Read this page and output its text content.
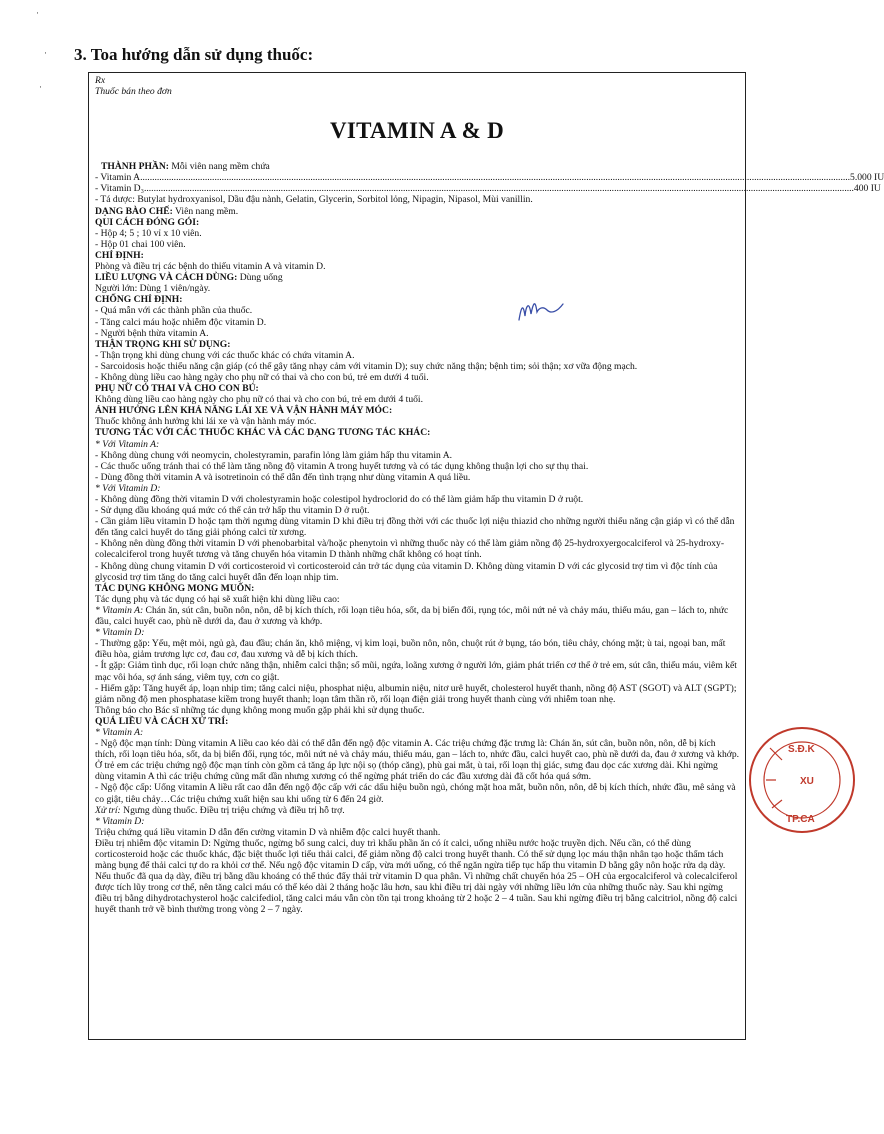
·
·
·
3. Toa hướng dẫn sử dụng thuốc:
Rx
Thuốc bán theo đơn
VITAMIN A & D
THÀNH PHẦN: Mỗi viên nang mềm chứa
- Vitamin A .....	5.000 IU
- Vitamin D₃ .....	400 IU
- Tá dược: Butylat hydroxyanisol, Dầu đậu nành, Gelatin, Glycerin, Sorbitol lỏng, Nipagin, Nipasol, Mùi vanillin.
DẠNG BÀO CHẾ: Viên nang mềm.
QUI CÁCH ĐÓNG GÓI:
- Hộp 4; 5 ; 10 vỉ x 10 viên.
- Hộp 01 chai 100 viên.
CHỈ ĐỊNH:
Phòng và điều trị các bệnh do thiếu vitamin A và vitamin D.
LIỀU LƯỢNG VÀ CÁCH DÙNG: Dùng uống
Người lớn: Dùng 1 viên/ngày.
CHỐNG CHỈ ĐỊNH:
- Quá mẫn với các thành phần của thuốc.
- Tăng calci máu hoặc nhiễm độc vitamin D.
- Người bệnh thừa vitamin A.
THẬN TRỌNG KHI SỬ DỤNG:
- Thận trọng khi dùng chung với các thuốc khác có chứa vitamin A.
- Sarcoidosis hoặc thiểu năng cận giáp (có thể gây tăng nhạy cảm với vitamin D); suy chức năng thận; bệnh tim; sỏi thận; xơ vữa động mạch.
- Không dùng liều cao hàng ngày cho phụ nữ có thai và cho con bú, trẻ em dưới 4 tuổi.
PHỤ NỮ CÓ THAI VÀ CHO CON BÚ:
Không dùng liều cao hàng ngày cho phụ nữ có thai và cho con bú, trẻ em dưới 4 tuổi.
ẢNH HƯỞNG LÊN KHẢ NĂNG LÁI XE VÀ VẬN HÀNH MÁY MÓC:
Thuốc không ảnh hưởng khi lái xe và vận hành máy móc.
TƯƠNG TÁC VỚI CÁC THUỐC KHÁC VÀ CÁC DẠNG TƯƠNG TÁC KHÁC:
* Với Vitamin A:
- Không dùng chung với neomycin, cholestyramin, parafin lỏng làm giảm hấp thu vitamin A.
- Các thuốc uống tránh thai có thể làm tăng nồng độ vitamin A trong huyết tương và có tác dụng không thuận lợi cho sự thụ thai.
- Dùng đồng thời vitamin A và isotretinoin có thể dẫn đến tình trạng như dùng vitamin A quá liều.
* Với Vitamin D:
- Không dùng đồng thời vitamin D với cholestyramin hoặc colestipol hydroclorid do có thể làm giảm hấp thu vitamin D ở ruột.
- Sử dụng dầu khoáng quá mức có thể cản trở hấp thu vitamin D ở ruột.
- Cần giảm liều vitamin D hoặc tạm thời ngưng dùng vitamin D khi điều trị đồng thời với các thuốc lợi niệu thiazid cho những người thiểu năng cận giáp vì có thể dẫn đến tăng calci huyết do tăng giải phóng calci từ xương.
- Không nên dùng đồng thời vitamin D với phenobarbital và/hoặc phenytoin vì những thuốc này có thể làm giảm nồng độ 25-hydroxyergocalciferol và 25-hydroxy-colecalciferol trong huyết tương và tăng chuyển hóa vitamin D thành những chất không có hoạt tính.
- Không dùng chung vitamin D với corticosteroid vì corticosteroid cản trở tác dụng của vitamin D. Không dùng vitamin D với các glycosid trợ tim vì độc tính của glycosid trợ tim tăng do tăng calci huyết dẫn đến loạn nhịp tim.
TÁC DỤNG KHÔNG MONG MUỐN:
Tác dụng phụ và tác dụng có hại sẽ xuất hiện khi dùng liều cao:
* Vitamin A: Chán ăn, sút cân, buồn nôn, nôn, dễ bị kích thích, rối loạn tiêu hóa, sốt, da bị biến đổi, rụng tóc, môi nứt nẻ và chảy máu, thiếu máu, gan – lách to, nhức đầu, calci huyết cao, phù nề dưới da, đau ở xương và khớp.
* Vitamin D:
- Thường gặp: Yếu, mệt mỏi, ngủ gà, đau đầu; chán ăn, khô miệng, vị kim loại, buồn nôn, nôn, chuột rút ở bụng, táo bón, tiêu chảy, chóng mặt; ù tai, ngoại ban, mất điều hòa, giảm trương lực cơ, đau cơ, đau xương và dễ bị kích thích.
- Ít gặp: Giảm tình dục, rối loạn chức năng thận, nhiễm calci thận; sổ mũi, ngứa, loãng xương ở người lớn, giảm phát triển cơ thể ở trẻ em, sút cân, thiếu máu, viêm kết mạc vôi hóa, sợ ánh sáng, viêm tụy, cơn co giật.
- Hiếm gặp: Tăng huyết áp, loạn nhịp tim; tăng calci niệu, phosphat niệu, albumin niệu, nitơ urê huyết, cholesterol huyết thanh, nồng độ AST (SGOT) và ALT (SGPT); giảm nồng độ men phosphatase kiềm trong huyết thanh; loạn tâm thần rõ, rối loạn điện giải trong huyết thanh cùng với nhiễm toan nhẹ.
Thông báo cho Bác sĩ những tác dụng không mong muốn gặp phải khi sử dụng thuốc.
QUÁ LIỀU VÀ CÁCH XỬ TRÍ:
* Vitamin A:
- Ngộ độc mạn tính: Dùng vitamin A liều cao kéo dài có thể dẫn đến ngộ độc vitamin A. Các triệu chứng đặc trưng là: Chán ăn, sút cân, buồn nôn, nôn, dễ bị kích thích, rối loạn tiêu hóa, sốt, da bị biến đổi, rụng tóc, môi nứt nẻ và chảy máu, thiếu máu, gan – lách to, nhức đầu, calci huyết cao, phù nề dưới da, đau ở xương và khớp. Ở trẻ em các triệu chứng ngộ độc mạn tính còn gồm cả tăng áp lực nội sọ (thóp căng), phù gai mắt, ù tai, rối loạn thị giác, sưng đau dọc các xương dài. Khi ngừng dùng vitamin A thì các triệu chứng cũng mất dần nhưng xương có thể ngừng phát triển do các đầu xương dài đã cốt hóa quá sớm.
- Ngộ độc cấp: Uống vitamin A liều rất cao dẫn đến ngộ độc cấp với các dấu hiệu buồn ngủ, chóng mặt hoa mắt, buồn nôn, nôn, dễ bị kích thích, nhức đầu, mê sảng và co giật, tiêu chảy…Các triệu chứng xuất hiện sau khi uống từ 6 đến 24 giờ.
Xử trí: Ngưng dùng thuốc. Điều trị triệu chứng và điều trị hỗ trợ.
* Vitamin D:
Triệu chứng quá liều vitamin D dẫn đến cường vitamin D và nhiễm độc calci huyết thanh.
Điều trị nhiễm độc vitamin D: Ngừng thuốc, ngừng bổ sung calci, duy trì khẩu phần ăn có ít calci, uống nhiều nước hoặc truyền dịch. Nếu cần, có thể dùng corticosteroid hoặc các thuốc khác, đặc biệt thuốc lợi tiểu thải calci, để giảm nồng độ calci trong huyết thanh. Có thể sử dụng lọc máu thận nhân tạo hoặc thẩm tách màng bụng để thải calci tự do ra khỏi cơ thể. Nếu ngộ độc vitamin D cấp, vừa mới uống, có thể ngăn ngừa tiếp tục hấp thu vitamin D bằng gây nôn hoặc rửa dạ dày. Nếu thuốc đã qua dạ dày, điều trị bằng dầu khoáng có thể thúc đẩy thải trừ vitamin D qua phân. Vì những chất chuyển hóa 25 – OH của ergocalciferol và colecalciferol được tích lũy trong cơ thể, nên tăng calci máu có thể kéo dài 2 tháng hoặc lâu hơn, sau khi điều trị dài ngày với những liều lớn của những thuốc này. Sau khi ngừng điều trị bằng dihydrotachysterol hoặc calcifediol, tăng calci máu vẫn còn tồn tại trong khoảng từ 2 hoặc 2 – 4 tuần. Sau khi ngừng điều trị bằng calcitriol, nồng độ calci huyết thanh trở về bình thường trong vòng 2 – 7 ngày.
S.Đ.K
XU
TP.CA
